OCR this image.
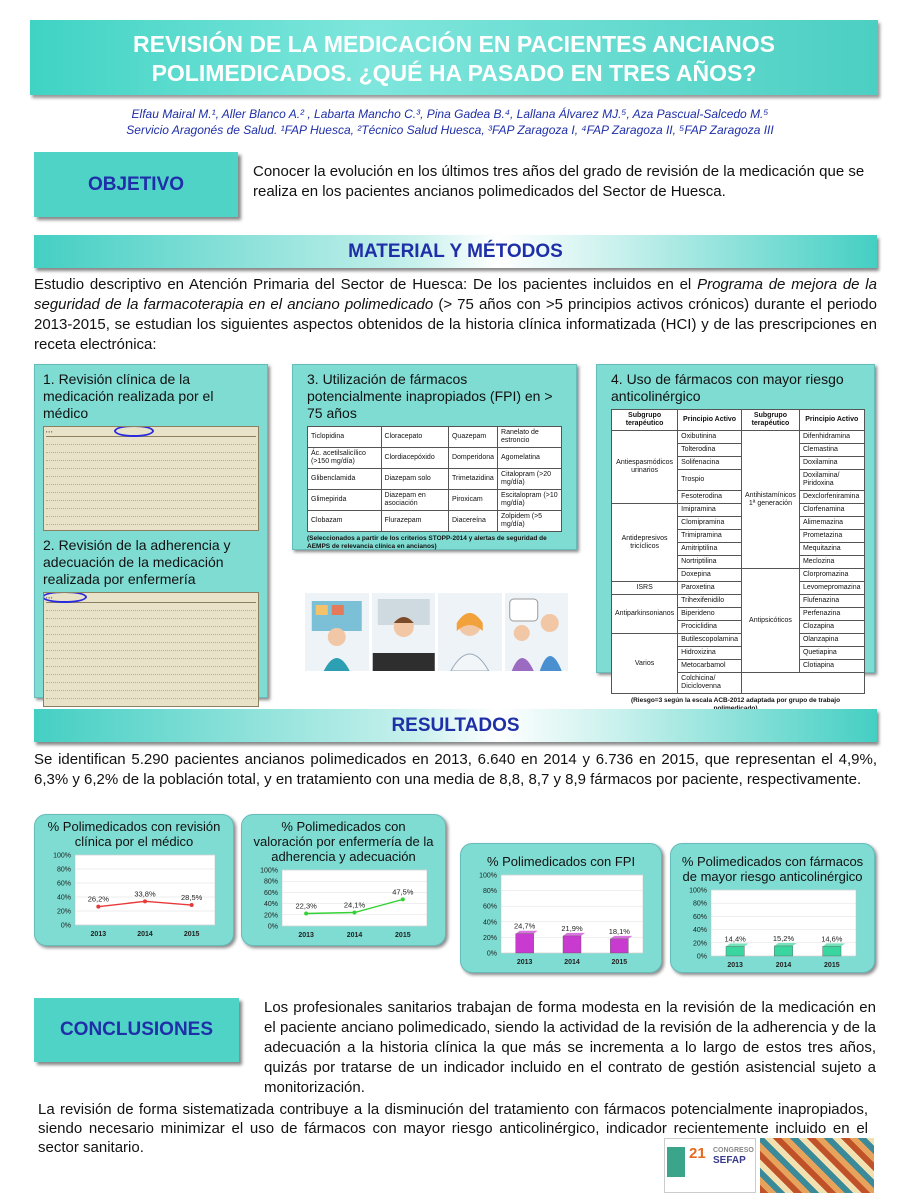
REVISIÓN DE LA MEDICACIÓN EN PACIENTES ANCIANOS
POLIMEDICADOS. ¿QUÉ HA PASADO EN TRES AÑOS?
Elfau Mairal M.¹, Aller Blanco A.² , Labarta Mancho C.³, Pina Gadea B.⁴, Lallana Álvarez MJ.⁵, Aza Pascual-Salcedo M.⁵
Servicio Aragonés de Salud. ¹FAP Huesca, ²Técnico Salud Huesca, ³FAP Zaragoza I, ⁴FAP Zaragoza II, ⁵FAP Zaragoza III
OBJETIVO
Conocer la evolución en los últimos tres años del grado de revisión de la medicación que se realiza en los pacientes ancianos polimedicados del Sector de Huesca.
MATERIAL Y MÉTODOS
Estudio descriptivo en Atención Primaria del Sector de Huesca: De los pacientes incluidos en el Programa de mejora de la seguridad de la farmacoterapia en el anciano polimedicado (> 75 años con >5 principios activos crónicos) durante el periodo 2013-2015, se estudian los siguientes aspectos obtenidos de la historia clínica informatizada (HCI) y de las prescripciones en receta electrónica:
1. Revisión clínica de la medicación realizada por el médico
▪ ▪ ▪
2. Revisión de la adherencia y adecuación de la medicación realizada por enfermería
▪ ▪ ▪
3. Utilización de fármacos potencialmente inapropiados (FPI) en > 75 años
Ticlopidina	Cloracepato	Quazepam	Ranelato de estroncio
Ác. acetilsalicílico (>150 mg/día)	Clordiacepóxido	Domperidona	Agomelatina
Glibenclamida	Diazepam solo	Trimetazidina	Citalopram (>20 mg/día)
Glimepirida	Diazepam en asociación	Piroxicam	Escitalopram (>10 mg/día)
Clobazam	Flurazepam	Diacereína	Zolpidem (>5 mg/día)
(Seleccionados a partir de los criterios STOPP-2014 y alertas de seguridad de AEMPS de relevancia clínica en ancianos)
4. Uso de fármacos con mayor riesgo anticolinérgico
Subgrupo terapéutico	Principio Activo	Subgrupo terapéutico	Principio Activo
Antiespasmódicos urinarios	Oxibutinina	Antihistamínicos 1ª generación	Difenhidramina
	Tolterodina		Clemastina
	Solifenacina		Doxilamina
	Trospio		Doxilamina/ Piridoxina
	Fesoterodina		Dexclorfeniramina
Antidepresivos tricíclicos	Imipramina		Clorfenamina
	Clomipramina		Alimemazina
	Trimipramina		Prometazina
	Amitriptilina		Mequitazina
	Nortriptilina		Meclozina
	Doxepina	Antipsicóticos	Clorpromazina
ISRS	Paroxetina		Levomepromazina
Antiparkinsonianos	Trihexifenidilo		Flufenazina
	Biperideno		Perfenazina
	Prociclidina		Clozapina
Varios	Butilescopolamina		Olanzapina
	Hidroxizina		Quetiapina
	Metocarbamol		Clotiapina
	Colchicina/ Diciclovenna		
(Riesgo=3 según la escala ACB-2012 adaptada por grupo de trabajo
RESULTADOS
Se identifican 5.290 pacientes ancianos polimedicados en 2013, 6.640 en 2014 y 6.736 en 2015, que representan el 4,9%, 6,3% y 6,2% de la población total, y en tratamiento con una media de 8,8, 8,7 y 8,9 fármacos por paciente, respectivamente.
% Polimedicados con revisión clínica por el médico
100%
80%
60%
40%
20%
0%
2013
26,2%
2014
33,8%
2015
28,5%
% Polimedicados con valoración por enfermería de la adherencia y adecuación
100%
80%
60%
40%
20%
0%
2013
22,3%
2014
24,1%
2015
47,5%
% Polimedicados con FPI
100%
80%
60%
40%
20%
0%
2013
24,7%
2014
21,9%
2015
18,1%
% Polimedicados con fármacos de mayor riesgo anticolinérgico
100%
80%
60%
40%
20%
0%
2013
14,4%
2014
15,2%
2015
14,6%
CONCLUSIONES
Los profesionales sanitarios trabajan de forma modesta en la revisión de la medicación en el paciente anciano polimedicado, siendo la actividad de la revisión de la adherencia y de la adecuación a la historia clínica la que más se incrementa a lo largo de estos tres años, quizás por tratarse de un indicador incluido en el contrato de gestión asistencial sujeto a monitorización.
La revisión de forma sistematizada contribuye a la disminución del tratamiento con fármacos potencialmente inapropiados, siendo necesario minimizar el uso de fármacos con mayor riesgo anticolinérgico, indicador recientemente incluido en el sector sanitario.	21 CONGRESO
SEFAP
